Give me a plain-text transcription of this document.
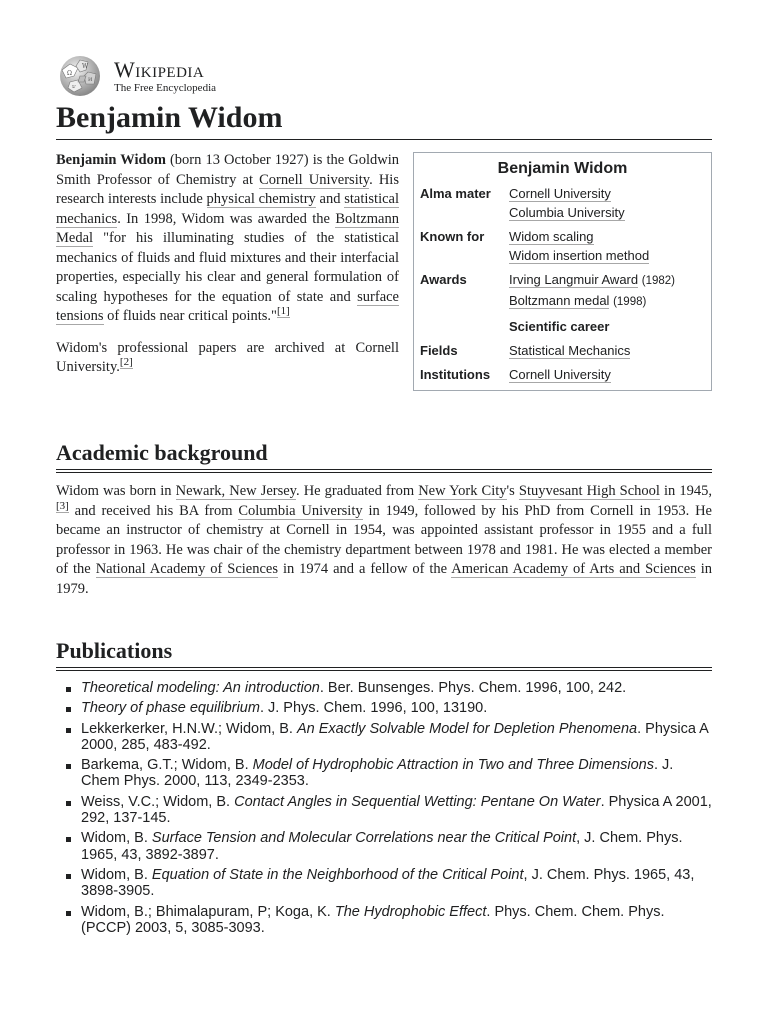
Ω
W
И
ש
Wikipedia
The Free Encyclopedia
Benjamin Widom

Benjamin Widom (born 13 October 1927) is the Goldwin Smith Professor of Chemistry at Cornell University. His research interests include physical chemistry and statistical mechanics. In 1998, Widom was awarded the Boltzmann Medal "for his illuminating studies of the statistical mechanics of fluids and fluid mixtures and their interfacial properties, especially his clear and general formulation of scaling hypotheses for the equation of state and surface tensions of fluids near critical points."[1]

Widom's professional papers are archived at Cornell University.[2]

Benjamin Widom
Alma mater	Cornell University
Columbia University
Known for	Widom scaling
Widom insertion method
Awards	Irving Langmuir Award (1982)
Boltzmann medal (1998)
Scientific career
Fields	Statistical Mechanics
Institutions	Cornell University
Academic background

Widom was born in Newark, New Jersey. He graduated from New York City's Stuyvesant High School in 1945,[3] and received his BA from Columbia University in 1949, followed by his PhD from Cornell in 1953. He became an instructor of chemistry at Cornell in 1954, was appointed assistant professor in 1955 and a full professor in 1963. He was chair of the chemistry department between 1978 and 1981. He was elected a member of the National Academy of Sciences in 1974 and a fellow of the American Academy of Arts and Sciences in 1979.

Publications
Theoretical modeling: An introduction. Ber. Bunsenges. Phys. Chem. 1996, 100, 242.
Theory of phase equilibrium. J. Phys. Chem. 1996, 100, 13190.
Lekkerkerker, H.N.W.; Widom, B. An Exactly Solvable Model for Depletion Phenomena. Physica A 2000, 285, 483-492.
Barkema, G.T.; Widom, B. Model of Hydrophobic Attraction in Two and Three Dimensions. J. Chem Phys. 2000, 113, 2349-2353.
Weiss, V.C.; Widom, B. Contact Angles in Sequential Wetting: Pentane On Water. Physica A 2001, 292, 137-145.
Widom, B. Surface Tension and Molecular Correlations near the Critical Point, J. Chem. Phys. 1965, 43, 3892-3897.
Widom, B. Equation of State in the Neighborhood of the Critical Point, J. Chem. Phys. 1965, 43, 3898-3905.
Widom, B.; Bhimalapuram, P; Koga, K. The Hydrophobic Effect. Phys. Chem. Chem. Phys. (PCCP) 2003, 5, 3085-3093.
